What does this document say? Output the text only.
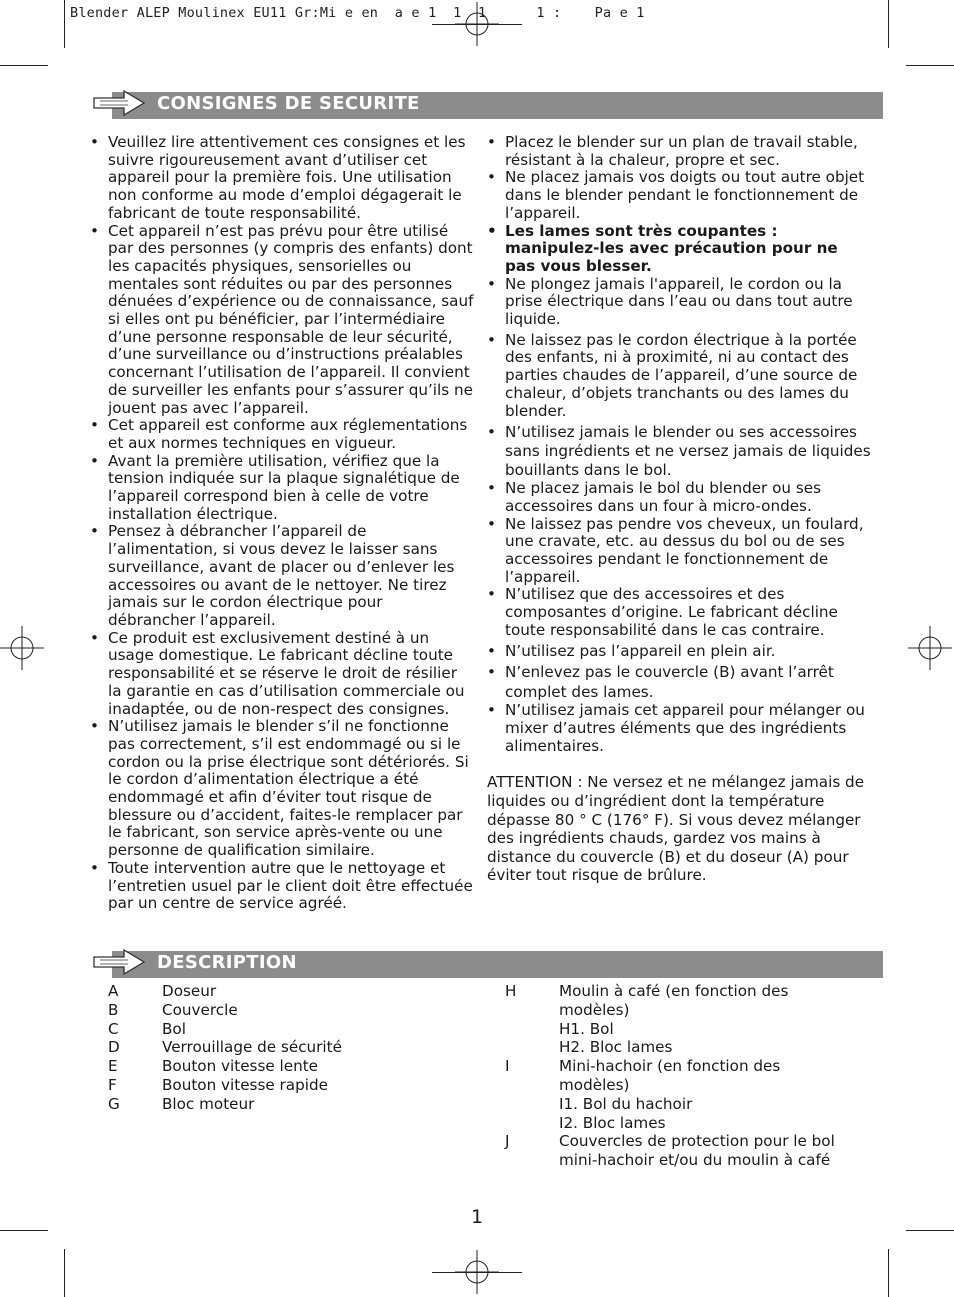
Blender ALEP Moulinex EU11 Gr:Mi e en  a e 1  1  1      1 :    Pa e 1
CONSIGNES DE SECURITE
• Veuillez lire attentivement ces consignes et les suivre rigoureusement avant d’utiliser cet appareil pour la première fois. Une utilisation non conforme au mode d’emploi dégagerait le fabricant de toute responsabilité.
• Cet appareil n’est pas prévu pour être utilisé par des personnes (y compris des enfants) dont les capacités physiques, sensorielles ou mentales sont réduites ou par des personnes dénuées d’expérience ou de connaissance, sauf si elles ont pu bénéficier, par l’intermédiaire d’une personne responsable de leur sécurité, d’une surveillance ou d’instructions préalables concernant l’utilisation de l’appareil. Il convient de surveiller les enfants pour s’assurer qu’ils ne jouent pas avec l’appareil.
• Cet appareil est conforme aux réglementations et aux normes techniques en vigueur.
• Avant la première utilisation, vérifiez que la tension indiquée sur la plaque signalétique de l’appareil correspond bien à celle de votre installation électrique.
• Pensez à débrancher l’appareil de l’alimentation, si vous devez le laisser sans surveillance, avant de placer ou d’enlever les accessoires ou avant de le nettoyer. Ne tirez jamais sur le cordon électrique pour débrancher l’appareil.
• Ce produit est exclusivement destiné à un usage domestique. Le fabricant décline toute responsabilité et se réserve le droit de résilier la garantie en cas d’utilisation commerciale ou inadaptée, ou de non-respect des consignes.
• N’utilisez jamais le blender s’il ne fonctionne pas correctement, s’il est endommagé ou si le cordon ou la prise électrique sont détériorés. Si le cordon d’alimentation électrique a été endommagé et afin d’éviter tout risque de blessure ou d’accident, faites-le remplacer par le fabricant, son service après-vente ou une personne de qualification similaire.
• Toute intervention autre que le nettoyage et l’entretien usuel par le client doit être effectuée par un centre de service agréé.
• Placez le blender sur un plan de travail stable, résistant à la chaleur, propre et sec.
• Ne placez jamais vos doigts ou tout autre objet dans le blender pendant le fonctionnement de l’appareil.
• Les lames sont très coupantes : manipulez-les avec précaution pour ne pas vous blesser.
• Ne plongez jamais l'appareil, le cordon ou la prise électrique dans l’eau ou dans tout autre liquide.
• Ne laissez pas le cordon électrique à la portée des enfants, ni à proximité, ni au contact des parties chaudes de l’appareil, d’une source de chaleur, d’objets tranchants ou des lames du blender.
• N’utilisez jamais le blender ou ses accessoires sans ingrédients et ne versez jamais de liquides bouillants dans le bol.
• Ne placez jamais le bol du blender ou ses accessoires dans un four à micro-ondes.
• Ne laissez pas pendre vos cheveux, un foulard, une cravate, etc. au dessus du bol ou de ses accessoires pendant le fonctionnement de l’appareil.
• N’utilisez que des accessoires et des composantes d’origine. Le fabricant décline toute responsabilité dans le cas contraire.
• N’utilisez pas l’appareil en plein air.
• N’enlevez pas le couvercle (B) avant l’arrêt complet des lames.
• N’utilisez jamais cet appareil pour mélanger ou mixer d’autres éléments que des ingrédients alimentaires.
ATTENTION : Ne versez et ne mélangez jamais de liquides ou d’ingrédient dont la température dépasse 80 ° C (176° F). Si vous devez mélanger des ingrédients chauds, gardez vos mains à distance du couvercle (B) et du doseur (A) pour éviter tout risque de brûlure.
DESCRIPTION
A	Doseur
B	Couvercle
C	Bol
D	Verrouillage de sécurité
E	Bouton vitesse lente
F	Bouton vitesse rapide
G	Bloc moteur
H	Moulin à café (en fonction des modèles)
H1. Bol
H2. Bloc lames
I	Mini-hachoir (en fonction des modèles)
I1. Bol du hachoir
I2. Bloc lames
J	Couvercles de protection pour le bol mini-hachoir et/ou du moulin à café
1
